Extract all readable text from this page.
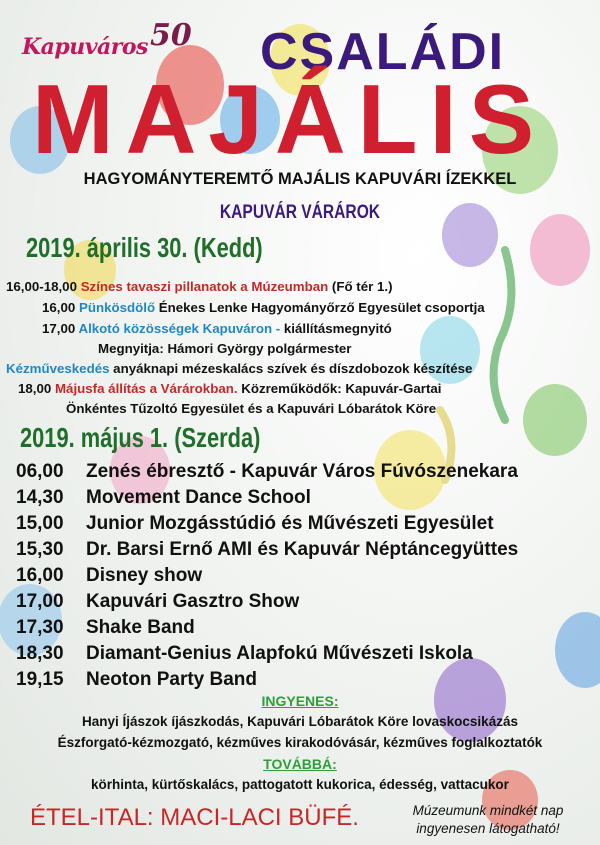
Kapuváros 50 CSALÁDI
MAJÁLIS
HAGYOMÁNYTEREMTŐ MAJÁLIS KAPUVÁRI ÍZEKKEL
KAPUVÁR VÁRÁROK
2019. április 30. (Kedd)
16,00-18,00 Színes tavaszi pillanatok a Múzeumban (Fő tér 1.)
16,00 Pünkösdölő Énekes Lenke Hagyományőrző Egyesület csoportja
17,00 Alkotó közösségek Kapuváron - kiállításmegnyitó
Megnyitja: Hámori György polgármester
Kézműveskedés anyáknapi mézeskalács szívek és díszdobozok készítése
18,00 Májusfa állítás a Várárokban. Közreműködők: Kapuvár-Gartai
Önkéntes Tűzoltó Egyesület és a Kapuvári Lóbarátok Köre
2019. május 1. (Szerda)
06,00 Zenés ébresztő - Kapuvár Város Fúvószenekara
14,30 Movement Dance School
15,00 Junior Mozgásstúdió és Művészeti Egyesület
15,30 Dr. Barsi Ernő AMI és Kapuvár Néptáncegyüttes
16,00 Disney show
17,00 Kapuvári Gasztro Show
17,30 Shake Band
18,30 Diamant-Genius Alapfokú Művészeti Iskola
19,15 Neoton Party Band
INGYENES:
Hanyi Íjászok íjászkodás, Kapuvári Lóbarátok Köre lovaskocsikázás
Észforgató-kézmozgató, kézműves kirakodóvásár, kézműves foglalkoztatók
TOVÁBBÁ:
körhinta, kürtőskalács, pattogatott kukorica, édesség, vattacukor
ÉTEL-ITAL: MACI-LACI BÜFÉ.	Múzeumunk mindkét nap
ingyenesen látogatható!
